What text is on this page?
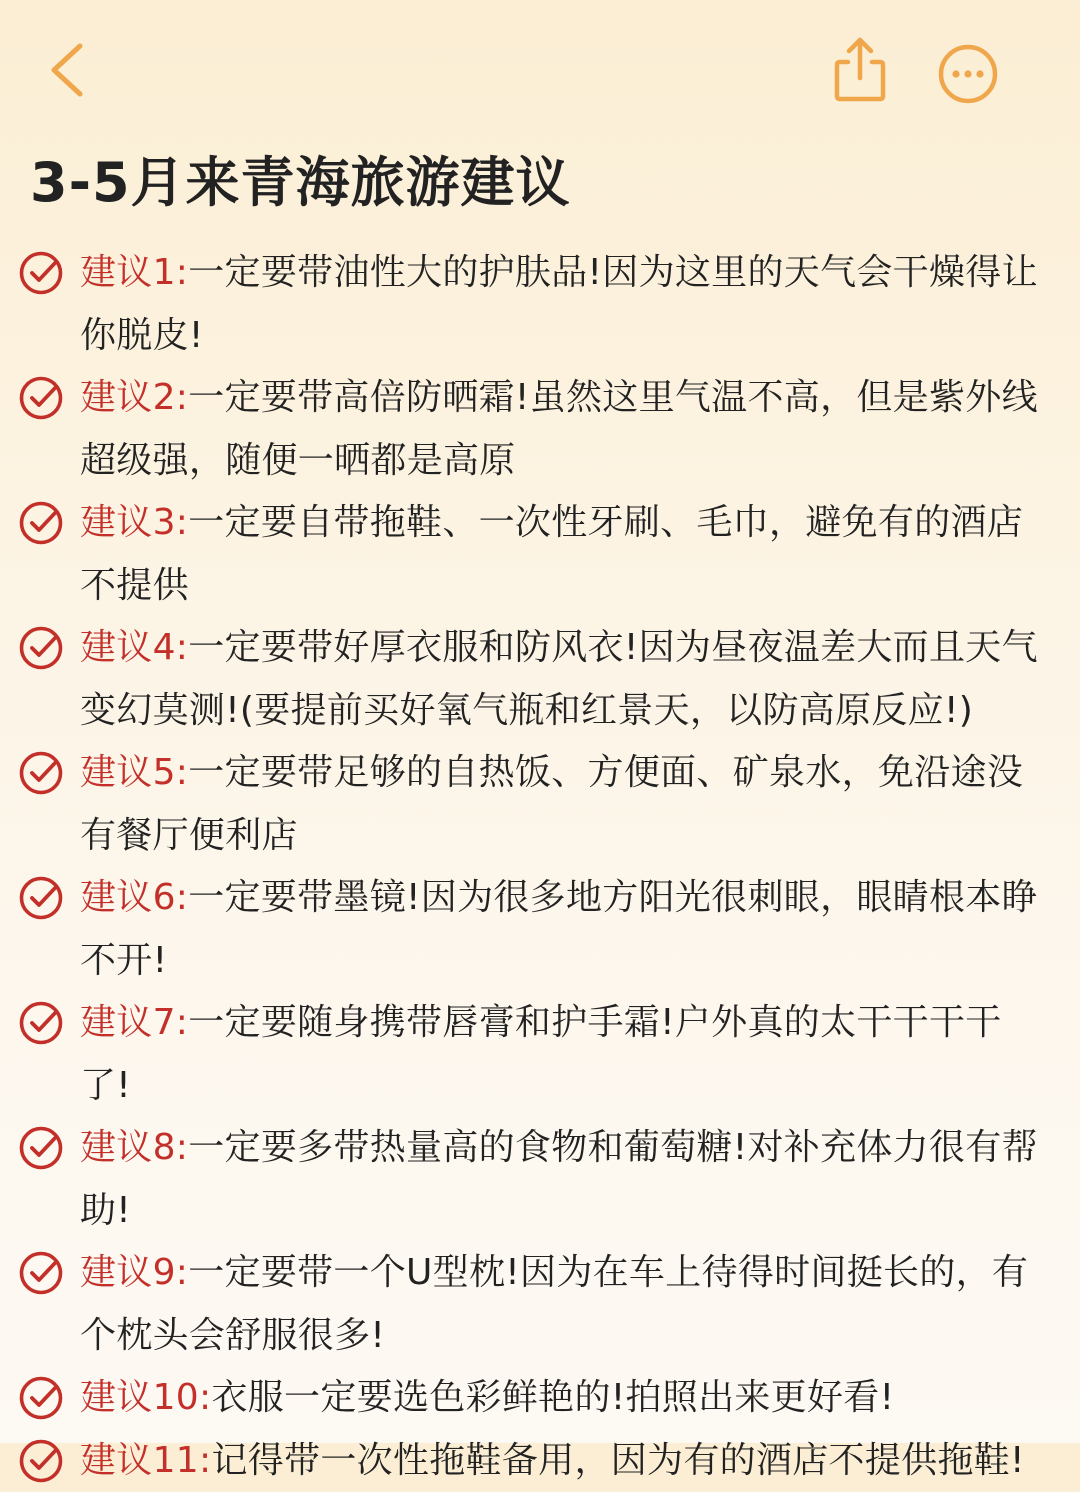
3-5月来青海旅游建议
建议1:一定要带油性大的护肤品!因为这里的天气会干燥得让你脱皮!
建议2:一定要带高倍防晒霜!虽然这里气温不高，但是紫外线超级强，随便一晒都是高原
建议3:一定要自带拖鞋、一次性牙刷、毛巾，避免有的酒店不提供
建议4:一定要带好厚衣服和防风衣!因为昼夜温差大而且天气变幻莫测!(要提前买好氧气瓶和红景天，以防高原反应!)
建议5:一定要带足够的自热饭、方便面、矿泉水，免沿途没有餐厅便利店
建议6:一定要带墨镜!因为很多地方阳光很刺眼，眼睛根本睁不开!
建议7:一定要随身携带唇膏和护手霜!户外真的太干干干干了!
建议8:一定要多带热量高的食物和葡萄糖!对补充体力很有帮助!
建议9:一定要带一个U型枕!因为在车上待得时间挺长的，有个枕头会舒服很多!
建议10:衣服一定要选色彩鲜艳的!拍照出来更好看!
建议11:记得带一次性拖鞋备用，因为有的酒店不提供拖鞋!
